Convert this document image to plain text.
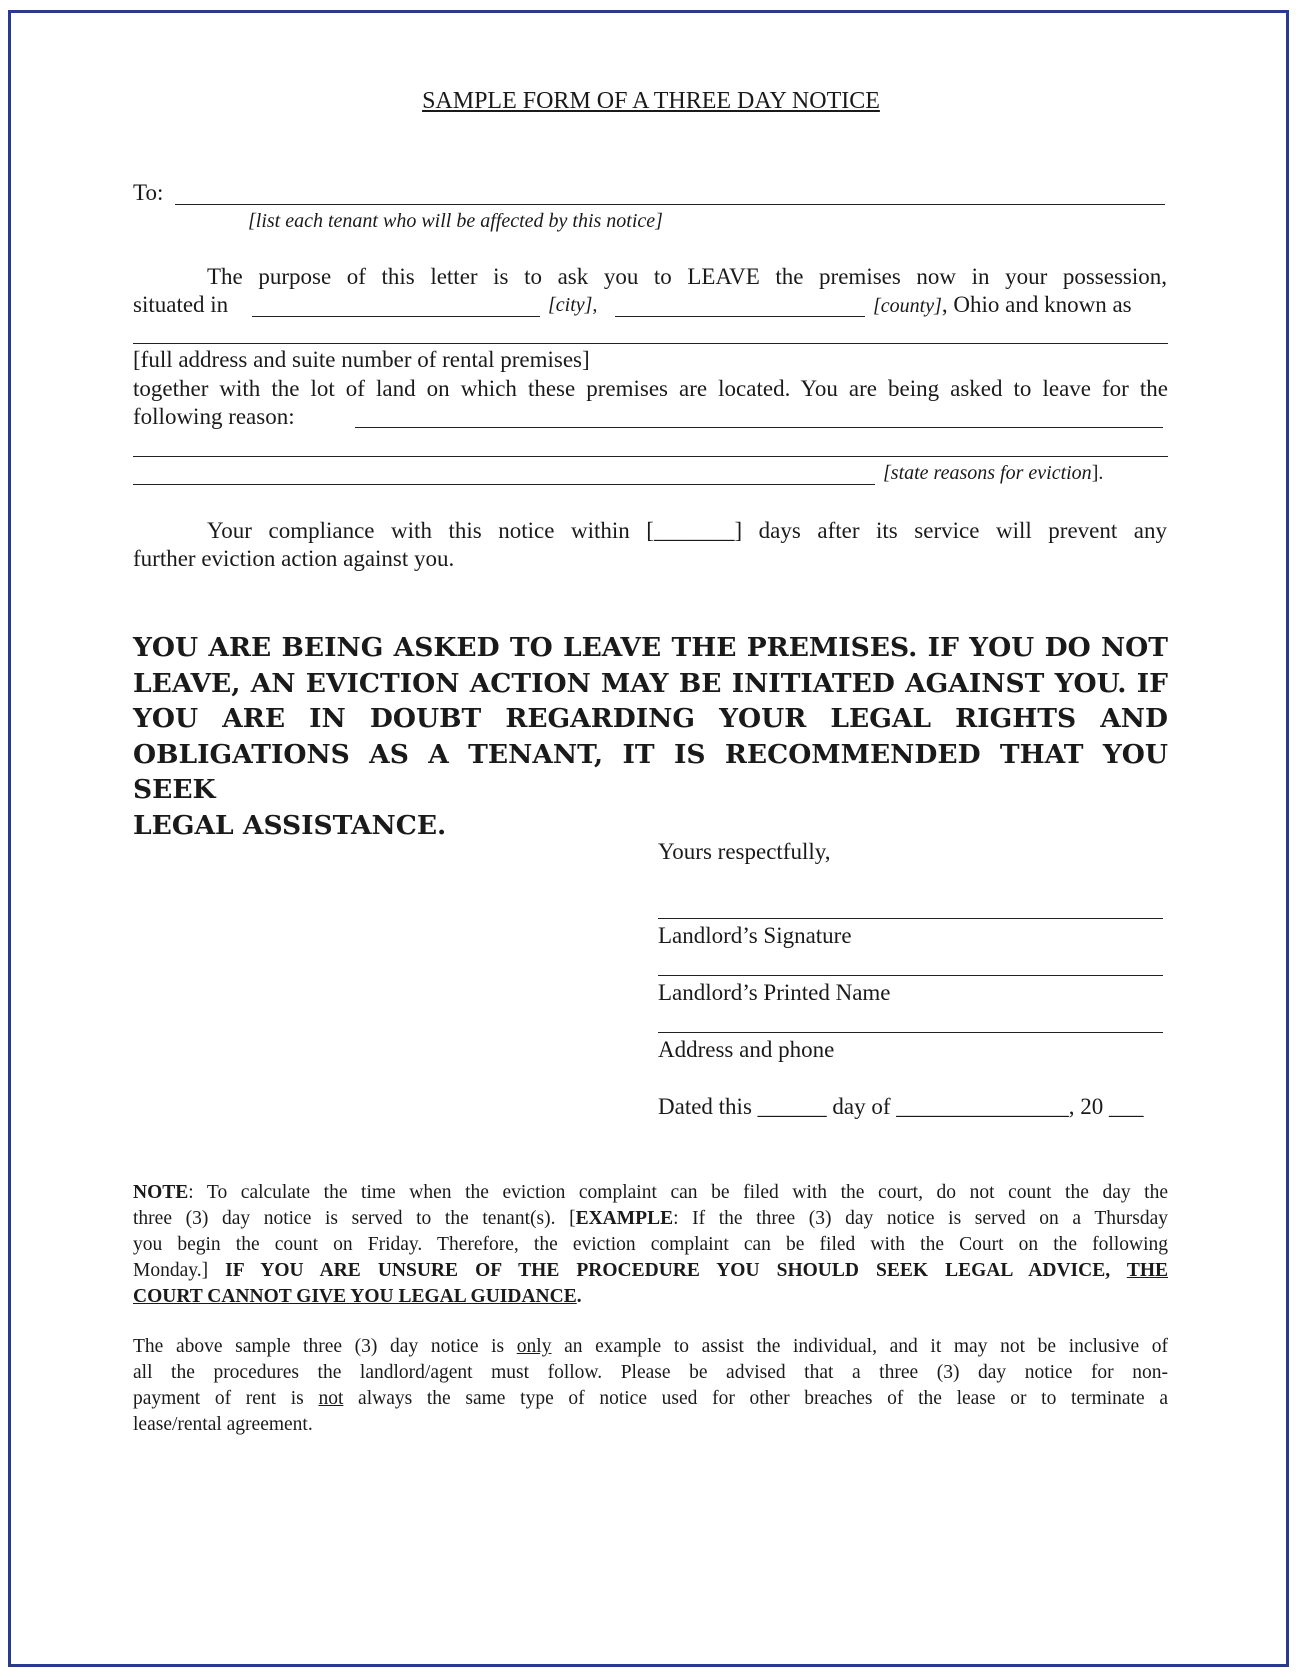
SAMPLE FORM OF A THREE DAY NOTICE
To:
[list each tenant who will be affected by this notice]
The purpose of this letter is to ask you to LEAVE the premises now in your possession,
situated in	[city],	[county], Ohio and known as
[full address and suite number of rental premises]
together with the lot of land on which these premises are located. You are being asked to leave for the
following reason:
[state reasons for eviction].
Your compliance with this notice within [_______] days after its service will prevent any
further eviction action against you.
YOU ARE BEING ASKED TO LEAVE THE PREMISES. IF YOU DO NOT
LEAVE, AN EVICTION ACTION MAY BE INITIATED AGAINST YOU. IF
YOU ARE IN DOUBT REGARDING YOUR LEGAL RIGHTS AND
OBLIGATIONS AS A TENANT, IT IS RECOMMENDED THAT YOU SEEK
LEGAL ASSISTANCE.
Yours respectfully,
Landlord’s Signature
Landlord’s Printed Name
Address and phone
Dated this ______ day of _______________, 20 ___
NOTE: To calculate the time when the eviction complaint can be filed with the court, do not count the day the
three (3) day notice is served to the tenant(s). [EXAMPLE: If the three (3) day notice is served on a Thursday
you begin the count on Friday. Therefore, the eviction complaint can be filed with the Court on the following
Monday.] IF YOU ARE UNSURE OF THE PROCEDURE YOU SHOULD SEEK LEGAL ADVICE, THE
COURT CANNOT GIVE YOU LEGAL GUIDANCE.
The above sample three (3) day notice is only an example to assist the individual, and it may not be inclusive of
all the procedures the landlord/agent must follow. Please be advised that a three (3) day notice for non-
payment of rent is not always the same type of notice used for other breaches of the lease or to terminate a
lease/rental agreement.
